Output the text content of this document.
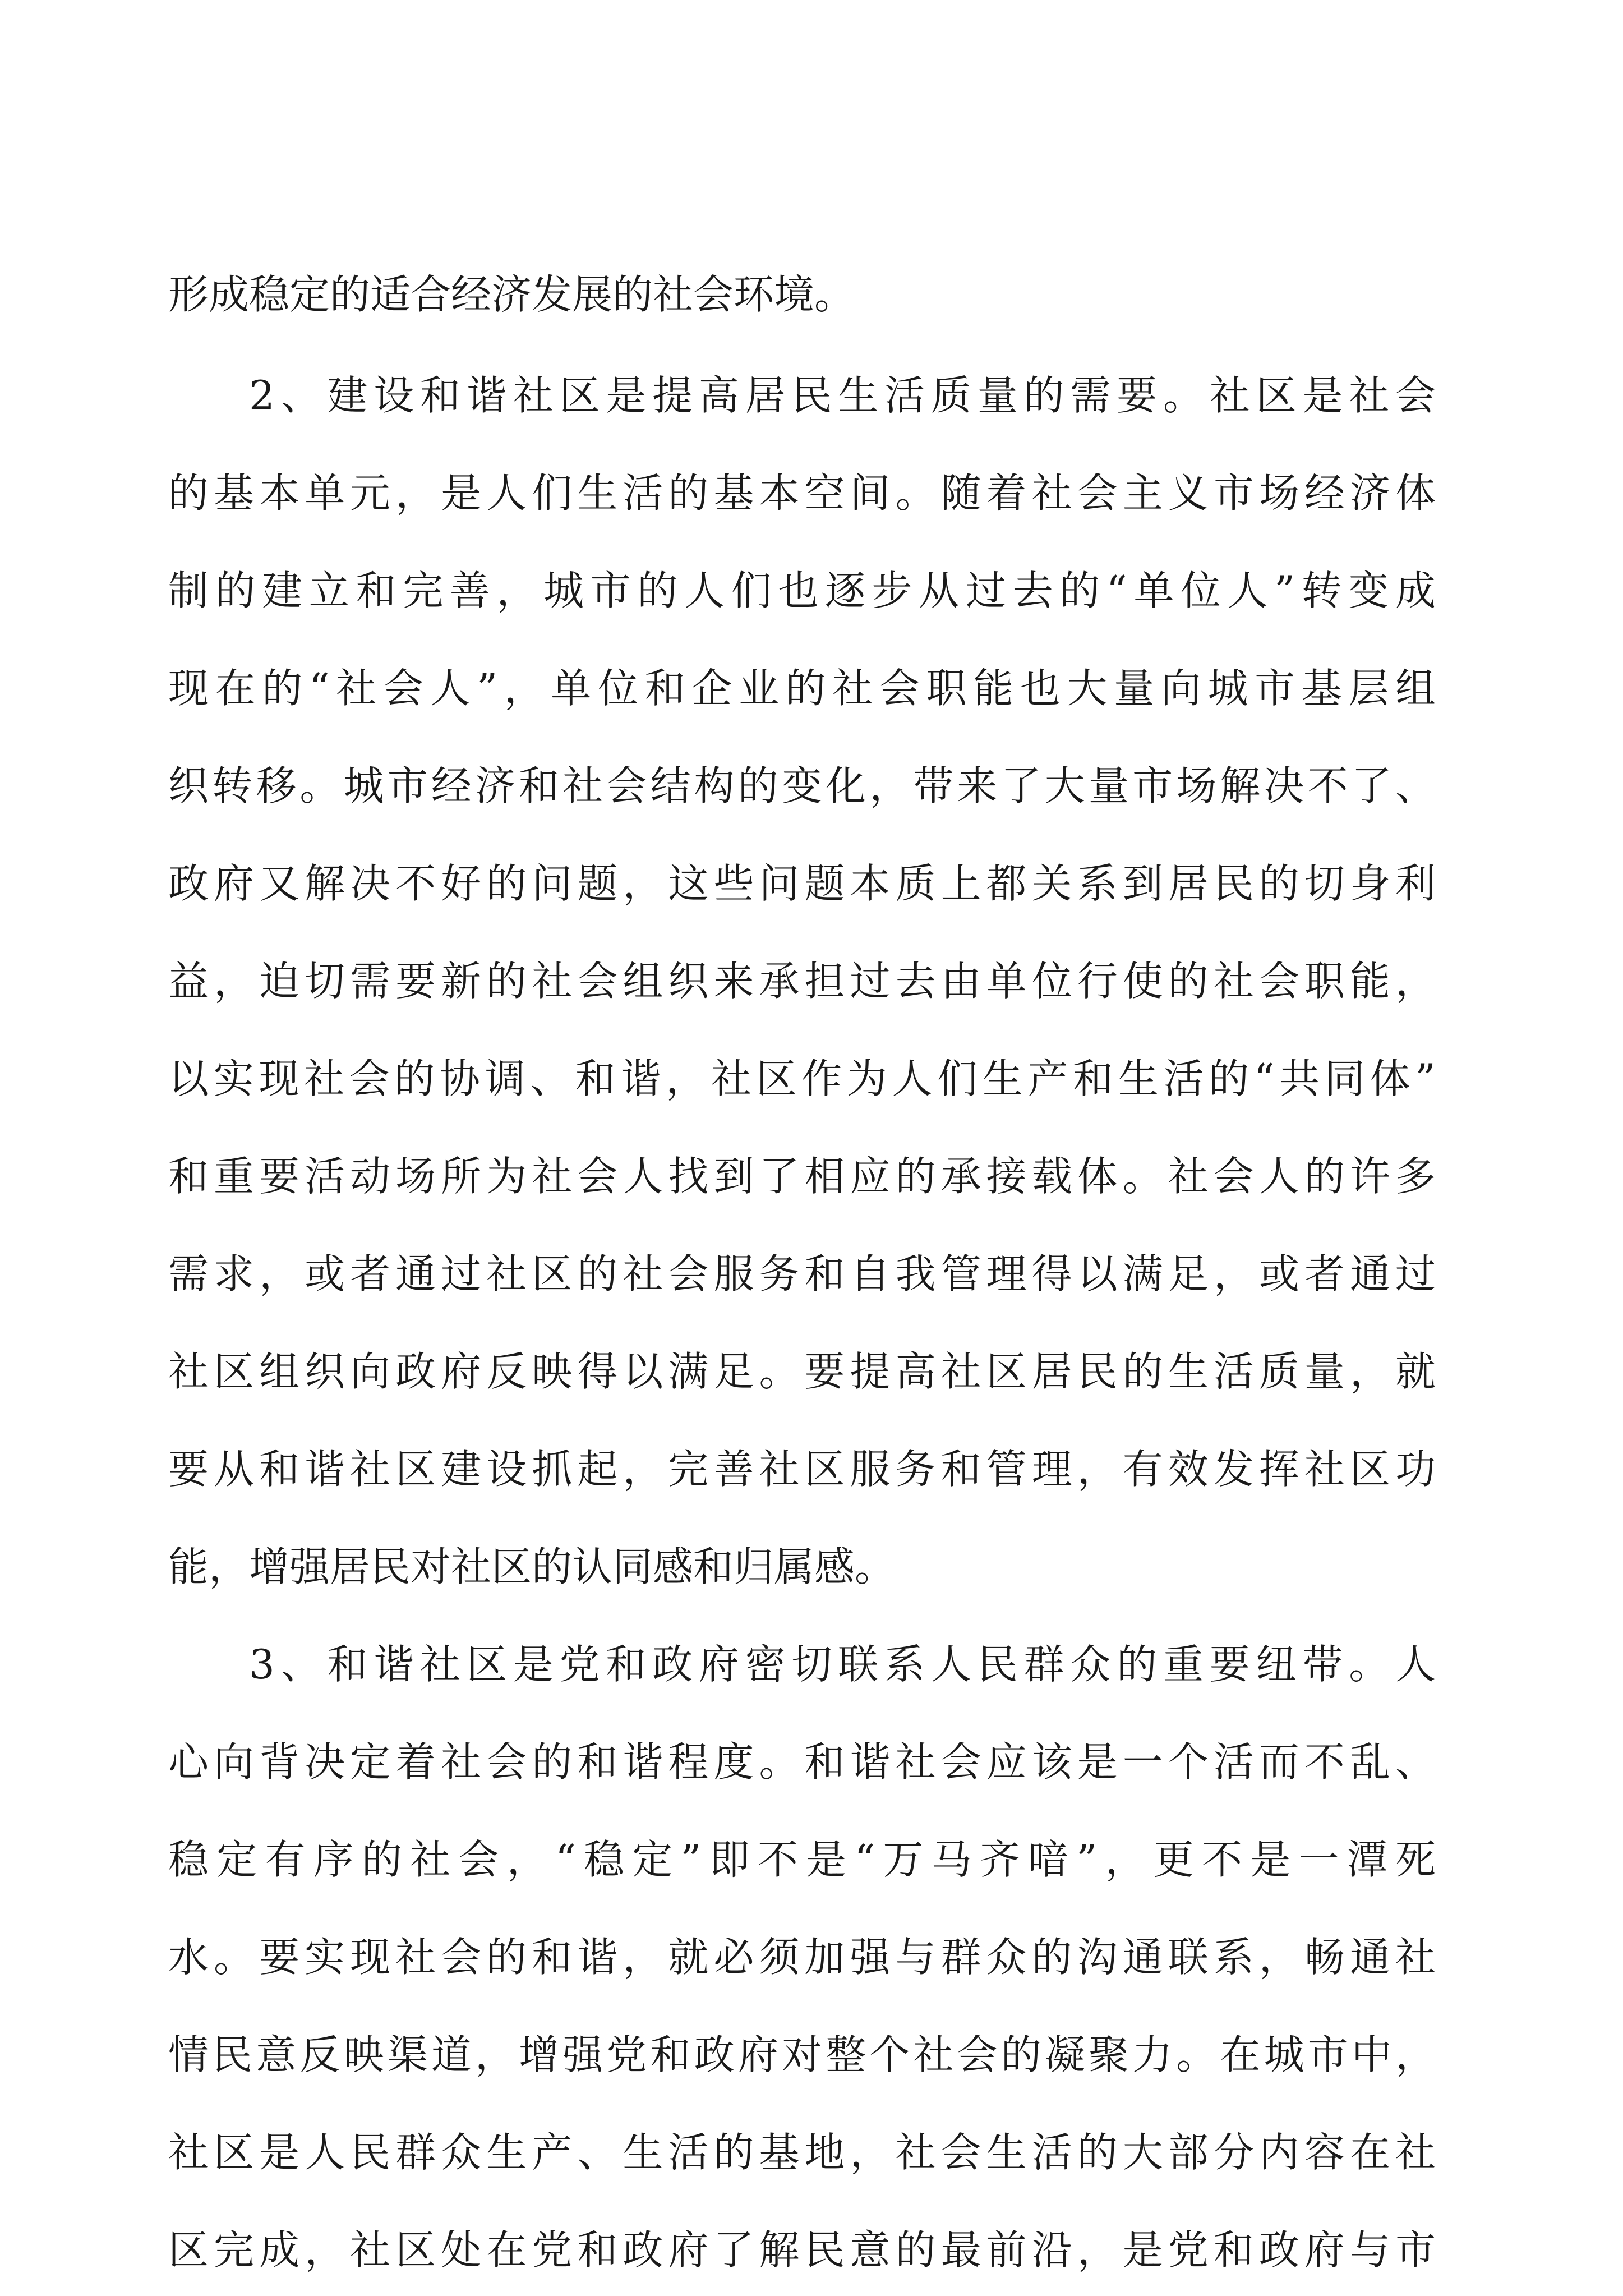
形成稳定的适合经济发展的社会环境。
2、建设和谐社区是提高居民生活质量的需要。社区是社会
的基本单元，是人们生活的基本空间。随着社会主义市场经济体
制的建立和完善，城市的人们也逐步从过去的“单位人”转变成
现在的“社会人”，单位和企业的社会职能也大量向城市基层组
织转移。城市经济和社会结构的变化，带来了大量市场解决不了、
政府又解决不好的问题，这些问题本质上都关系到居民的切身利
益，迫切需要新的社会组织来承担过去由单位行使的社会职能，
以实现社会的协调、和谐，社区作为人们生产和生活的“共同体”
和重要活动场所为社会人找到了相应的承接载体。社会人的许多
需求，或者通过社区的社会服务和自我管理得以满足，或者通过
社区组织向政府反映得以满足。要提高社区居民的生活质量，就
要从和谐社区建设抓起，完善社区服务和管理，有效发挥社区功
能，增强居民对社区的认同感和归属感。
3、和谐社区是党和政府密切联系人民群众的重要纽带。人
心向背决定着社会的和谐程度。和谐社会应该是一个活而不乱、
稳定有序的社会，“稳定”即不是“万马齐喑”，更不是一潭死
水。要实现社会的和谐，就必须加强与群众的沟通联系，畅通社
情民意反映渠道，增强党和政府对整个社会的凝聚力。在城市中，
社区是人民群众生产、生活的基地，社会生活的大部分内容在社
区完成，社区处在党和政府了解民意的最前沿，是党和政府与市
